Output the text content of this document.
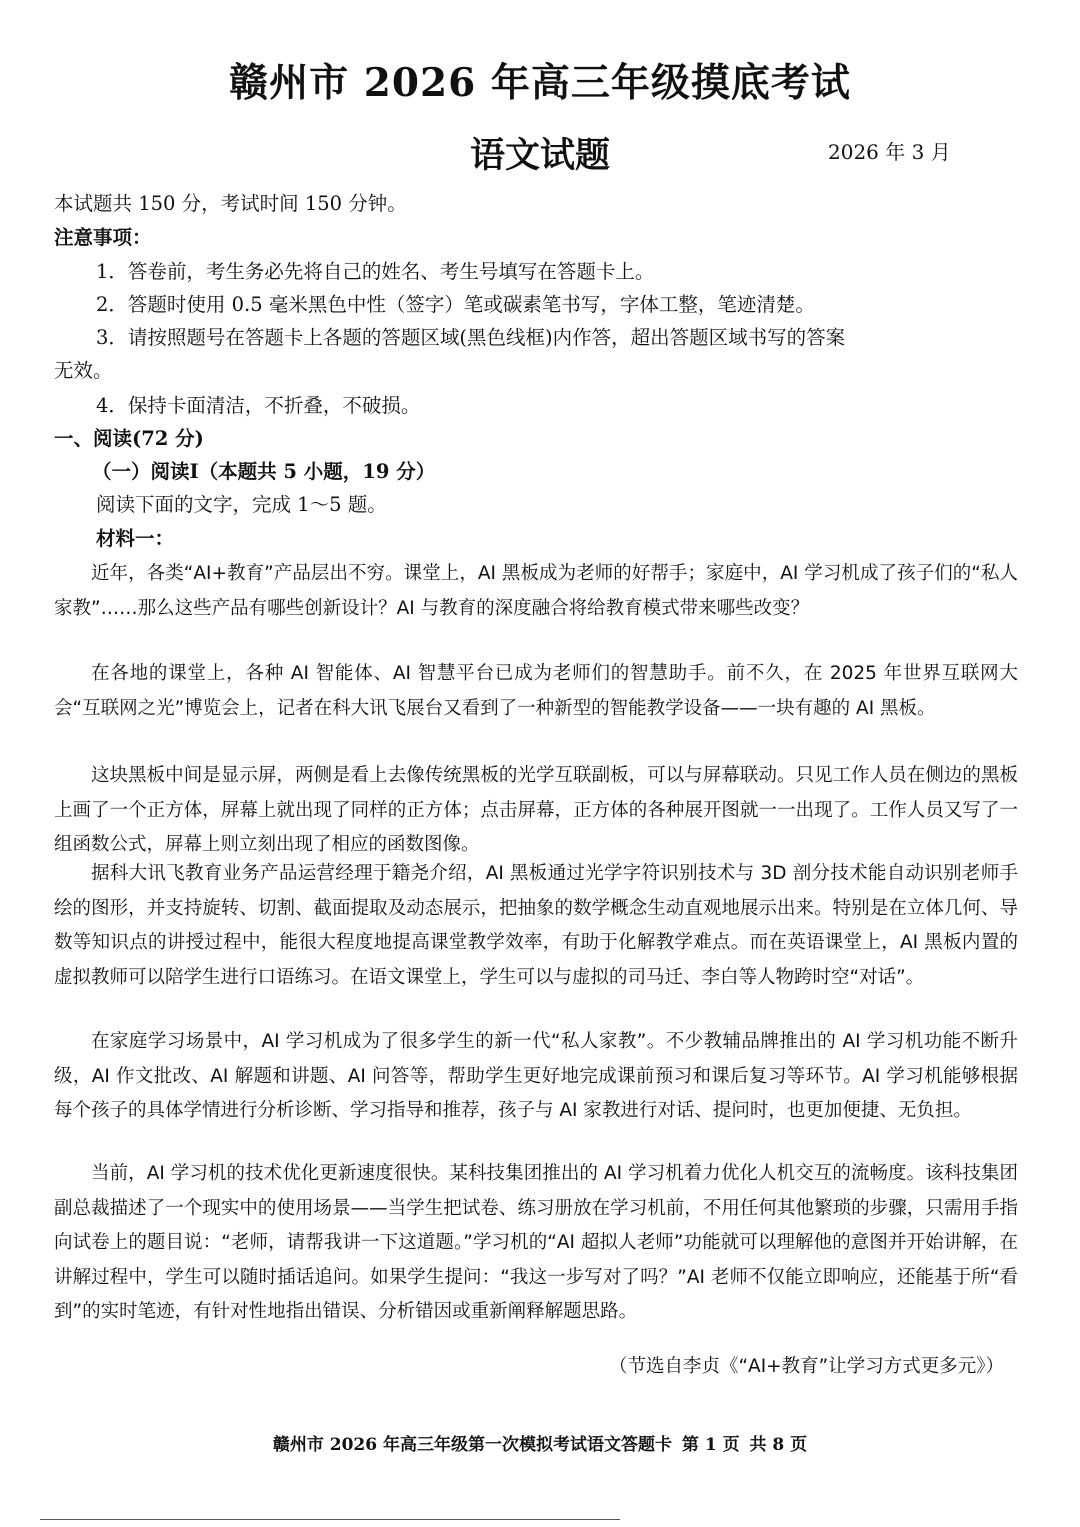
赣州市 2026 年高三年级摸底考试
语文试题	2026 年 3 月
本试题共 150 分，考试时间 150 分钟。
注意事项：
1．答卷前，考生务必先将自己的姓名、考生号填写在答题卡上。
2．答题时使用 0.5 毫米黑色中性（签字）笔或碳素笔书写，字体工整，笔迹清楚。
3．请按照题号在答题卡上各题的答题区域(黑色线框)内作答，超出答题区域书写的答案
无效。
4．保持卡面清洁，不折叠，不破损。
一、阅读(72 分)
（一）阅读Ⅰ（本题共 5 小题，19 分）
阅读下面的文字，完成 1～5 题。
材料一：

近年，各类“AI+教育”产品层出不穷。课堂上，AI 黑板成为老师的好帮手；家庭中，AI 学习机成了孩子们的“私人家教”……那么这些产品有哪些创新设计？AI 与教育的深度融合将给教育模式带来哪些改变？

在各地的课堂上，各种 AI 智能体、AI 智慧平台已成为老师们的智慧助手。前不久，在 2025 年世界互联网大会“互联网之光”博览会上，记者在科大讯飞展台又看到了一种新型的智能教学设备——一块有趣的 AI 黑板。

这块黑板中间是显示屏，两侧是看上去像传统黑板的光学互联副板，可以与屏幕联动。只见工作人员在侧边的黑板上画了一个正方体，屏幕上就出现了同样的正方体；点击屏幕，正方体的各种展开图就一一出现了。工作人员又写了一组函数公式，屏幕上则立刻出现了相应的函数图像。

据科大讯飞教育业务产品运营经理于籍尧介绍，AI 黑板通过光学字符识别技术与 3D 剖分技术能自动识别老师手绘的图形，并支持旋转、切割、截面提取及动态展示，把抽象的数学概念生动直观地展示出来。特别是在立体几何、导数等知识点的讲授过程中，能很大程度地提高课堂教学效率，有助于化解教学难点。而在英语课堂上，AI 黑板内置的虚拟教师可以陪学生进行口语练习。在语文课堂上，学生可以与虚拟的司马迁、李白等人物跨时空“对话”。

在家庭学习场景中，AI 学习机成为了很多学生的新一代“私人家教”。不少教辅品牌推出的 AI 学习机功能不断升级，AI 作文批改、AI 解题和讲题、AI 问答等，帮助学生更好地完成课前预习和课后复习等环节。AI 学习机能够根据每个孩子的具体学情进行分析诊断、学习指导和推荐，孩子与 AI 家教进行对话、提问时，也更加便捷、无负担。

当前，AI 学习机的技术优化更新速度很快。某科技集团推出的 AI 学习机着力优化人机交互的流畅度。该科技集团副总裁描述了一个现实中的使用场景——当学生把试卷、练习册放在学习机前，不用任何其他繁琐的步骤，只需用手指向试卷上的题目说：“老师，请帮我讲一下这道题。”学习机的“AI 超拟人老师”功能就可以理解他的意图并开始讲解，在讲解过程中，学生可以随时插话追问。如果学生提问：“我这一步写对了吗？”AI 老师不仅能立即响应，还能基于所“看到”的实时笔迹，有针对性地指出错误、分析错因或重新阐释解题思路。

（节选自李贞《“AI+教育”让学习方式更多元》）
赣州市 2026 年高三年级第一次模拟考试语文答题卡 第 1 页 共 8 页
